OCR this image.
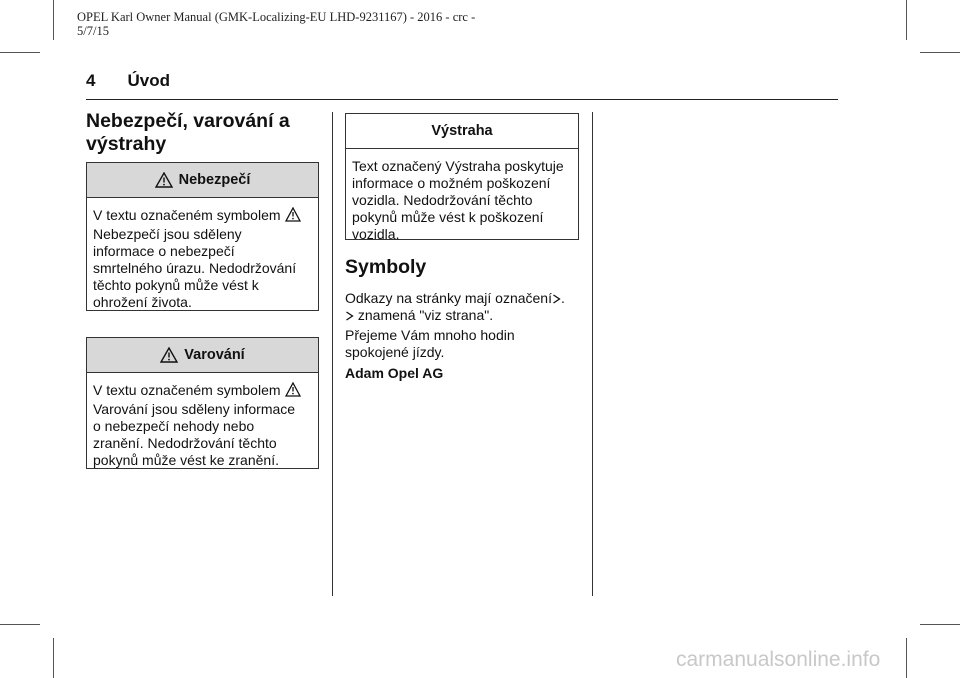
OPEL Karl Owner Manual (GMK-Localizing-EU LHD-9231167) - 2016 - crc -
5/7/15
4 Úvod
Nebezpečí, varování a
výstrahy
Nebezpečí
V textu označeném symbolem
Nebezpečí jsou sděleny
informace o nebezpečí
smrtelného úrazu. Nedodržování
těchto pokynů může vést k
ohrožení života.
Varování
V textu označeném symbolem
Varování jsou sděleny informace
o nebezpečí nehody nebo
zranění. Nedodržování těchto
pokynů může vést ke zranění.
Výstraha
Text označený Výstraha poskytuje
informace o možném poškození
vozidla. Nedodržování těchto
pokynů může vést k poškození
vozidla.
Symboly
Odkazy na stránky mají označení .
znamená "viz strana".
Přejeme Vám mnoho hodin
spokojené jízdy.
Adam Opel AG
carmanualsonline.info
